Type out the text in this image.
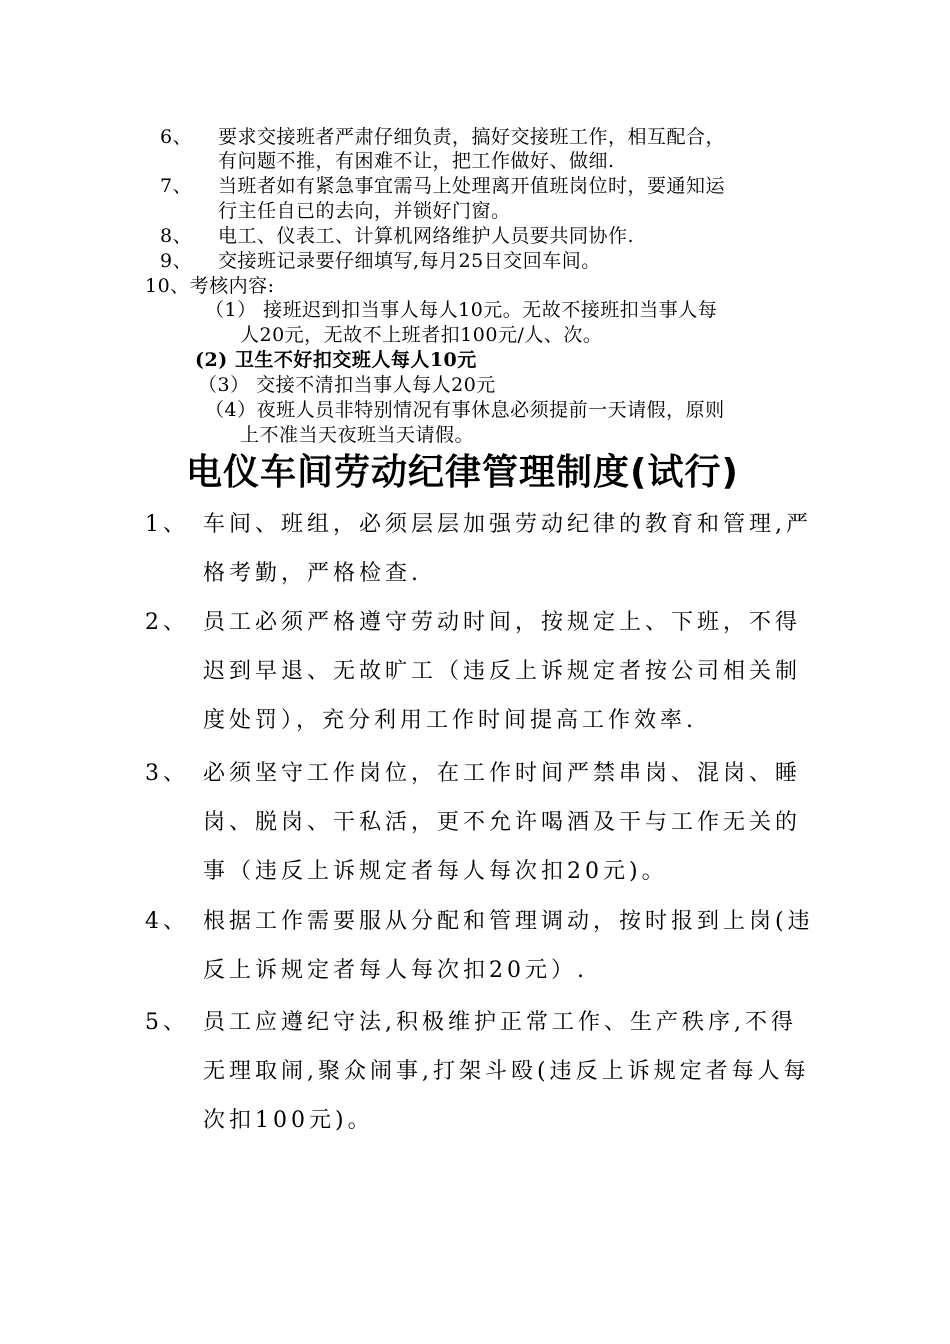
6、 要求交接班者严肃仔细负责，搞好交接班工作，相互配合，
有问题不推，有困难不让，把工作做好、做细.
7、 当班者如有紧急事宜需马上处理离开值班岗位时，要通知运
行主任自已的去向，并锁好门窗。
8、 电工、仪表工、计算机网络维护人员要共同协作.
9、 交接班记录要仔细填写,每月25日交回车间。
10、考核内容:
（1） 接班迟到扣当事人每人10元。无故不接班扣当事人每
人20元，无故不上班者扣100元/人、次。
(2) 卫生不好扣交班人每人10元
（3） 交接不清扣当事人每人20元
（4）夜班人员非特别情况有事休息必须提前一天请假，原则
上不准当天夜班当天请假。
电仪车间劳动纪律管理制度(试行)
1、 车间、班组，必须层层加强劳动纪律的教育和管理,严
格考勤，严格检查.
2、 员工必须严格遵守劳动时间，按规定上、下班，不得
迟到早退、无故旷工（违反上诉规定者按公司相关制
度处罚），充分利用工作时间提高工作效率.
3、 必须坚守工作岗位，在工作时间严禁串岗、混岗、睡
岗、脱岗、干私活，更不允许喝酒及干与工作无关的
事（违反上诉规定者每人每次扣20元)。
4、 根据工作需要服从分配和管理调动，按时报到上岗(违
反上诉规定者每人每次扣20元）.
5、 员工应遵纪守法,积极维护正常工作、生产秩序,不得
无理取闹,聚众闹事,打架斗殴(违反上诉规定者每人每
次扣100元)。
